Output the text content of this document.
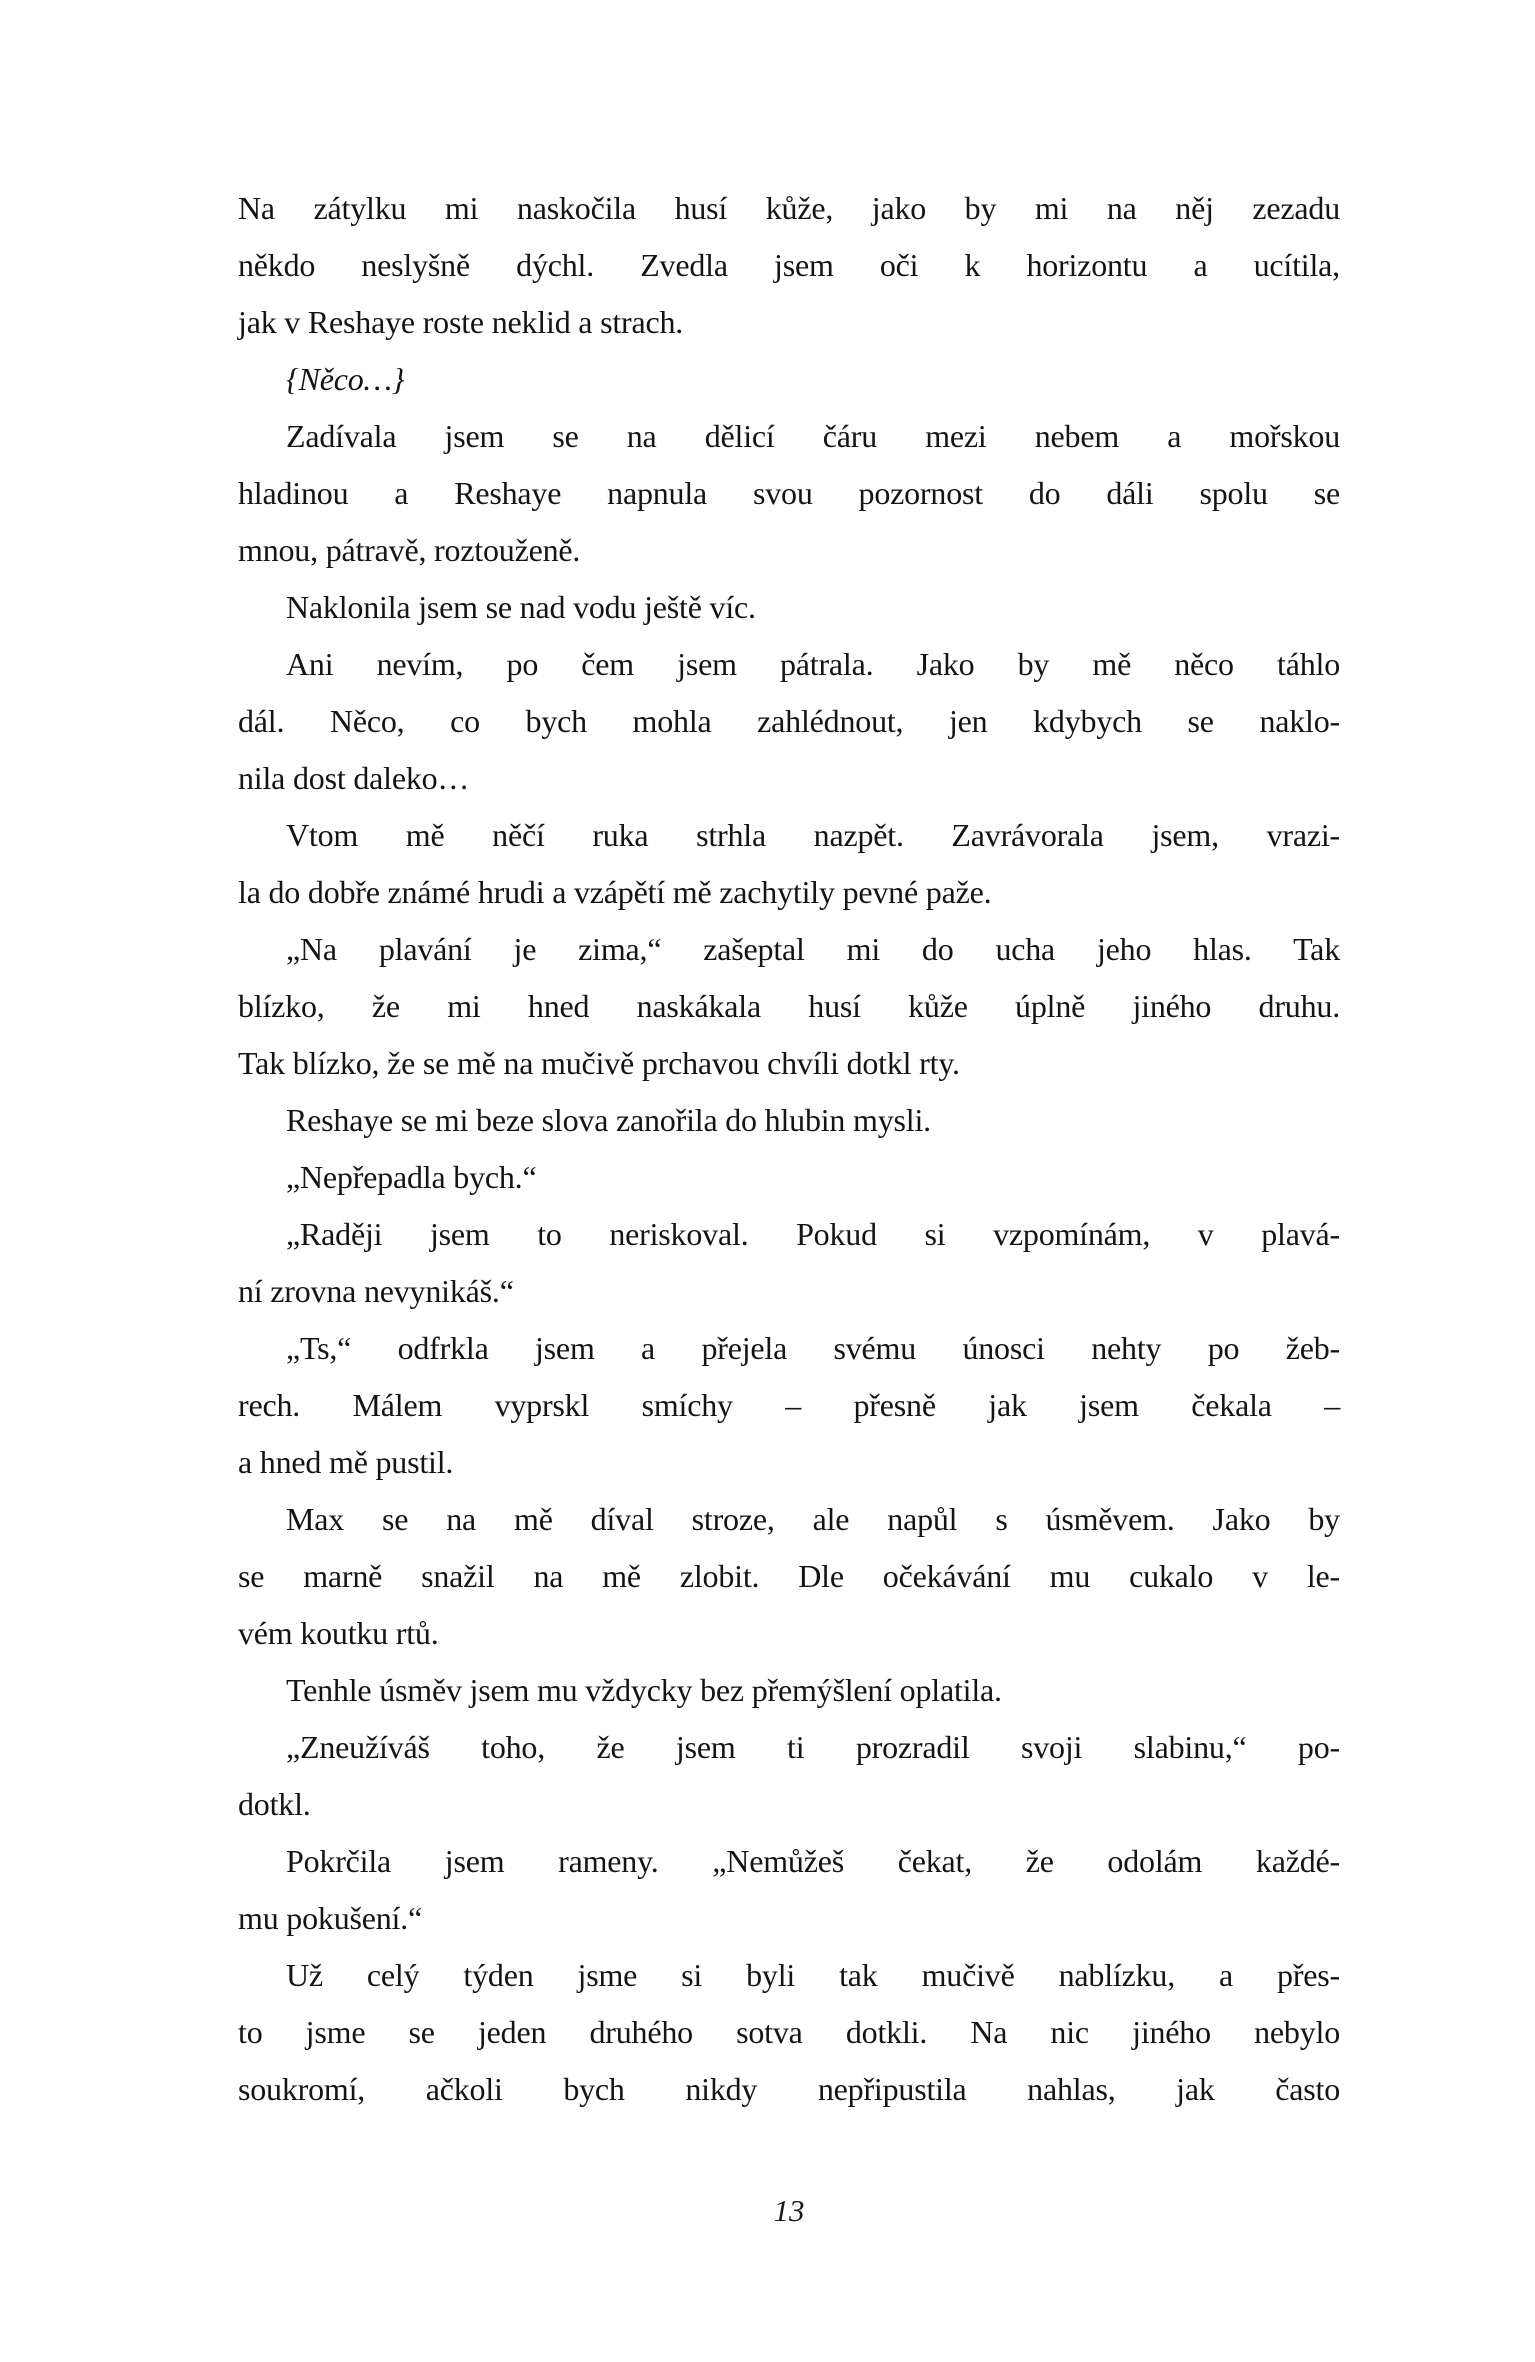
Na zátylku mi naskočila husí kůže, jako by mi na něj zezadu
někdo neslyšně dýchl. Zvedla jsem oči k horizontu a ucítila,
jak v Reshaye roste neklid a strach.
{Něco…}
Zadívala jsem se na dělicí čáru mezi nebem a mořskou
hladinou a Reshaye napnula svou pozornost do dáli spolu se
mnou, pátravě, roztouženě.
Naklonila jsem se nad vodu ještě víc.
Ani nevím, po čem jsem pátrala. Jako by mě něco táhlo
dál. Něco, co bych mohla zahlédnout, jen kdybych se naklo-
nila dost daleko…
Vtom mě něčí ruka strhla nazpět. Zavrávorala jsem, vrazi-
la do dobře známé hrudi a vzápětí mě zachytily pevné paže.
„Na plavání je zima,“ zašeptal mi do ucha jeho hlas. Tak
blízko, že mi hned naskákala husí kůže úplně jiného druhu.
Tak blízko, že se mě na mučivě prchavou chvíli dotkl rty.
Reshaye se mi beze slova zanořila do hlubin mysli.
„Nepřepadla bych.“
„Raději jsem to neriskoval. Pokud si vzpomínám, v plavá-
ní zrovna nevynikáš.“
„Ts,“ odfrkla jsem a přejela svému únosci nehty po žeb-
rech. Málem vyprskl smíchy – přesně jak jsem čekala –
a hned mě pustil.
Max se na mě díval stroze, ale napůl s úsměvem. Jako by
se marně snažil na mě zlobit. Dle očekávání mu cukalo v le-
vém koutku rtů.
Tenhle úsměv jsem mu vždycky bez přemýšlení oplatila.
„Zneužíváš toho, že jsem ti prozradil svoji slabinu,“ po-
dotkl.
Pokrčila jsem rameny. „Nemůžeš čekat, že odolám každé-
mu pokušení.“
Už celý týden jsme si byli tak mučivě nablízku, a přes-
to jsme se jeden druhého sotva dotkli. Na nic jiného nebylo
soukromí, ačkoli bych nikdy nepřipustila nahlas, jak často
13
